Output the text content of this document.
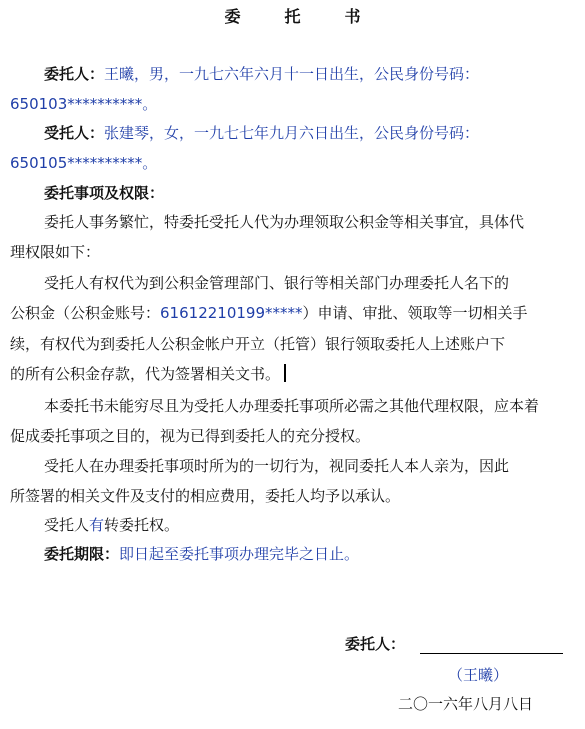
委	托	书
委托人：王曦，男，一九七六年六月十一日出生，公民身份号码：
650103**********。
受托人：张建琴，女，一九七七年九月六日出生，公民身份号码：
650105**********。
委托事项及权限：
委托人事务繁忙，特委托受托人代为办理领取公积金等相关事宜，具体代
理权限如下：
受托人有权代为到公积金管理部门、银行等相关部门办理委托人名下的
公积金（公积金账号：61612210199*****）申请、审批、领取等一切相关手
续，有权代为到委托人公积金帐户开立（托管）银行领取委托人上述账户下
的所有公积金存款，代为签署相关文书。
本委托书未能穷尽且为受托人办理委托事项所必需之其他代理权限，应本着
促成委托事项之目的，视为已得到委托人的充分授权。
受托人在办理委托事项时所为的一切行为，视同委托人本人亲为，因此
所签署的相关文件及支付的相应费用，委托人均予以承认。
受托人有转委托权。
委托期限：即日起至委托事项办理完毕之日止。
委托人：
（王曦）
二〇一六年八月八日
